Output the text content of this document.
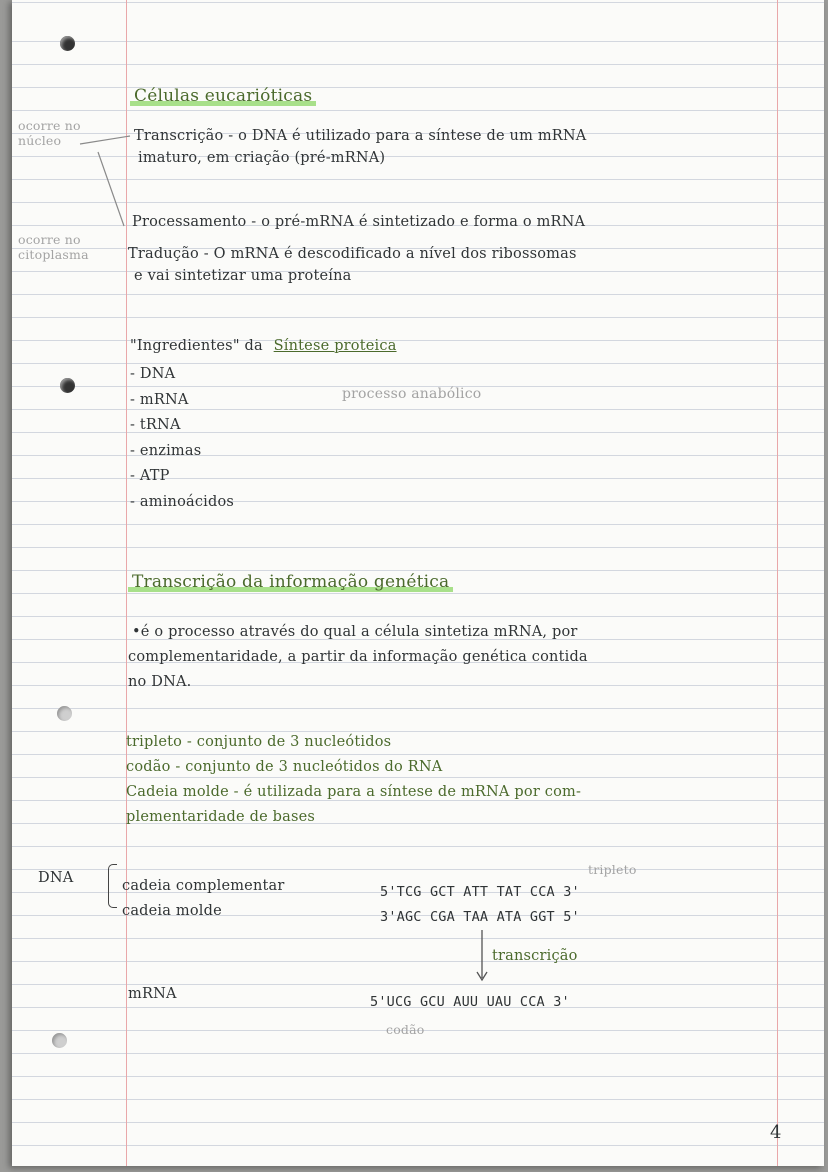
Células eucarióticas
ocorre no
núcleo
ocorre no
citoplasma
Transcrição - o DNA é utilizado para a síntese de um mRNA
imaturo, em criação (pré-mRNA)
Processamento - o pré-mRNA é sintetizado e forma o mRNA
Tradução - O mRNA é descodificado a nível dos ribossomas
e vai sintetizar uma proteína
"Ingredientes" da Síntese proteica
processo anabólico
- DNA
- mRNA
- tRNA
- enzimas
- ATP
- aminoácidos
Transcrição da informação genética
•é o processo através do qual a célula sintetiza mRNA, por
complementaridade, a partir da informação genética contida
no DNA.
tripleto - conjunto de 3 nucleótidos
codão - conjunto de 3 nucleótidos do RNA
Cadeia molde - é utilizada para a síntese de mRNA por com-
plementaridade de bases
DNA	cadeia complementar
cadeia molde
tripleto
5'TCG GCT ATT TAT CCA 3'
3'AGC CGA TAA ATA GGT 5'
transcrição
mRNA	5'UCG GCU AUU UAU CCA 3'
codão
4
